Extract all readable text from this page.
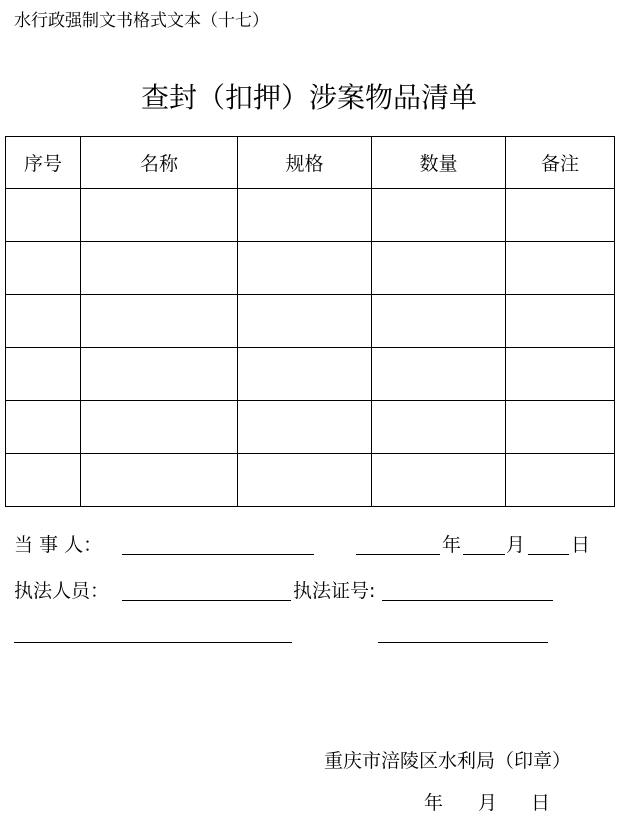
水行政强制文书格式文本（十七）
查封（扣押）涉案物品清单
序号	名称	规格	数量	备注

当 事 人：	年 月 日
执法人员：	执法证号:
重庆市涪陵区水利局（印章）
年 月 日
